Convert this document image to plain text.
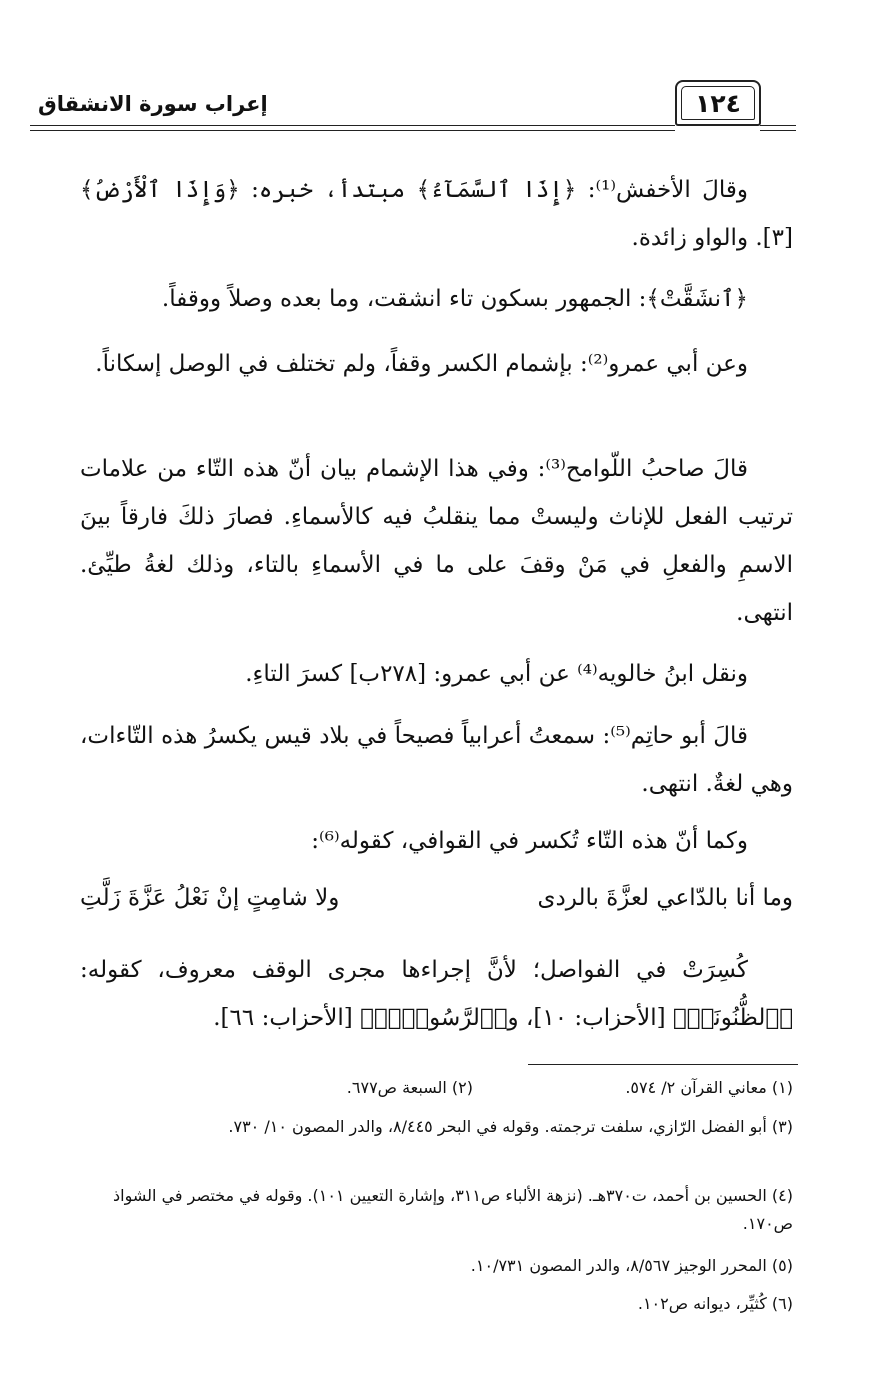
إعراب سورة الانشقاق	١٢٤
وقالَ الأخفش⁽¹⁾: ﴿إِذَا ٱلسَّمَآءُ﴾ مبتدأ، خبره: ﴿وَإِذَا ٱلْأَرْضُ﴾ [٣]. والواو زائدة.
﴿ٱنشَقَّتْ﴾: الجمهور بسكون تاء انشقت، وما بعده وصلاً ووقفاً.
وعن أبي عمرو⁽²⁾: بإشمام الكسر وقفاً، ولم تختلف في الوصل إسكاناً.
قالَ صاحبُ اللّوامح⁽³⁾: وفي هذا الإشمام بيان أنّ هذه التّاء من علامات ترتيب الفعل للإناث وليستْ مما ينقلبُ فيه كالأسماءِ. فصارَ ذلكَ فارقاً بينَ الاسمِ والفعلِ في مَنْ وقفَ على ما في الأسماءِ بالتاء، وذلك لغةُ طيِّئ. انتهى.
ونقل ابنُ خالويه⁽⁴⁾ عن أبي عمرو: [٢٧٨ب] كسرَ التاءِ.
قالَ أبو حاتِم⁽⁵⁾: سمعتُ أعرابياً فصيحاً في بلاد قيس يكسرُ هذه التّاءات، وهي لغةٌ. انتهى.
وكما أنّ هذه التّاء تُكسر في القوافي، كقوله⁽⁶⁾:
وما أنا بالدّاعي لعزَّةَ بالردى
ولا شامِتٍ إنْ نَعْلُ عَزَّةَ زَلَّتِ
كُسِرَتْ في الفواصل؛ لأنَّ إجراءها مجرى الوقف معروف، كقوله: ﴿ٱلظُّنُونَا۠﴾ [الأحزاب: ١٠]، و﴿ٱلرَّسُولَا۠﴾ [الأحزاب: ٦٦].
(١) معاني القرآن ٢/ ٥٧٤.
(٢) السبعة ص٦٧٧.
(٣) أبو الفضل الرّازي، سلفت ترجمته. وقوله في البحر ٨/٤٤٥، والدر المصون ١٠/ ٧٣٠.
(٤) الحسين بن أحمد، ت٣٧٠هـ. (نزهة الألباء ص٣١١، وإشارة التعيين ١٠١). وقوله في مختصر في الشواذ ص١٧٠.
(٥) المحرر الوجيز ٨/٥٦٧، والدر المصون ١٠/٧٣١.
(٦) كُثيِّر، ديوانه ص١٠٢.
